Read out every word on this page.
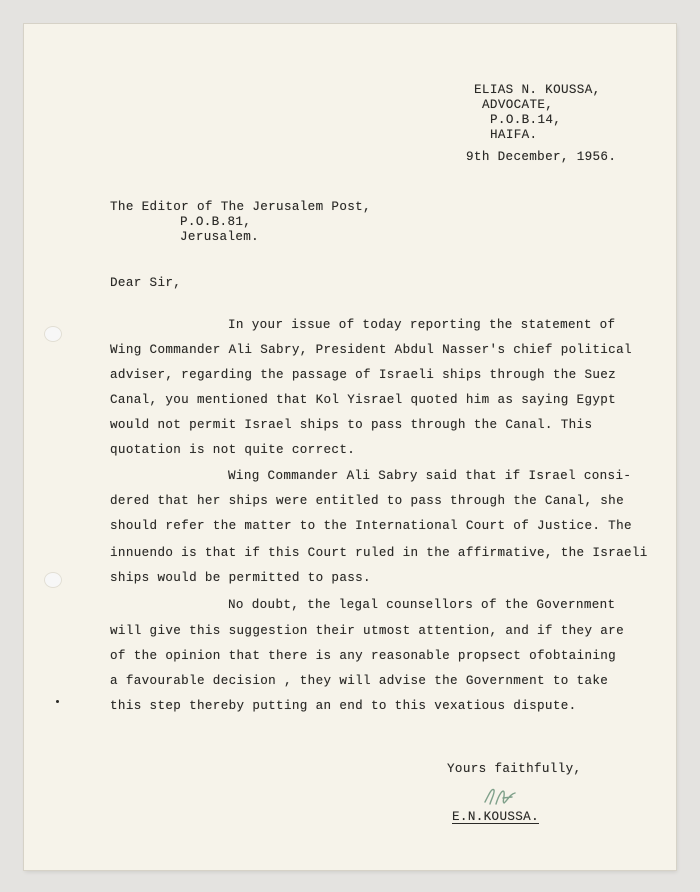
ELIAS N. KOUSSA,
ADVOCATE,
P.O.B.14,
HAIFA.
9th December, 1956.
The Editor of The Jerusalem Post,
P.O.B.81,
Jerusalem.
Dear Sir,
In your issue of today reporting the statement of
Wing Commander Ali Sabry, President Abdul Nasser's chief political
adviser, regarding the passage of Israeli ships through the Suez
Canal, you mentioned that Kol Yisrael quoted him as saying Egypt
would not permit Israel ships to pass through the Canal. This
quotation is not quite correct.
Wing Commander Ali Sabry said that if Israel consi-
dered that her ships were entitled to pass through the Canal, she
should refer the matter to the International Court of Justice. The
innuendo is that if this Court ruled in the affirmative, the Israeli
ships would be permitted to pass.
No doubt, the legal counsellors of the Government
will give this suggestion their utmost attention, and if they are
of the opinion that there is any reasonable propsect ofobtaining
a favourable decision , they will advise the Government to take
this step thereby putting an end to this vexatious dispute.
Yours faithfully,
E.N.KOUSSA.
